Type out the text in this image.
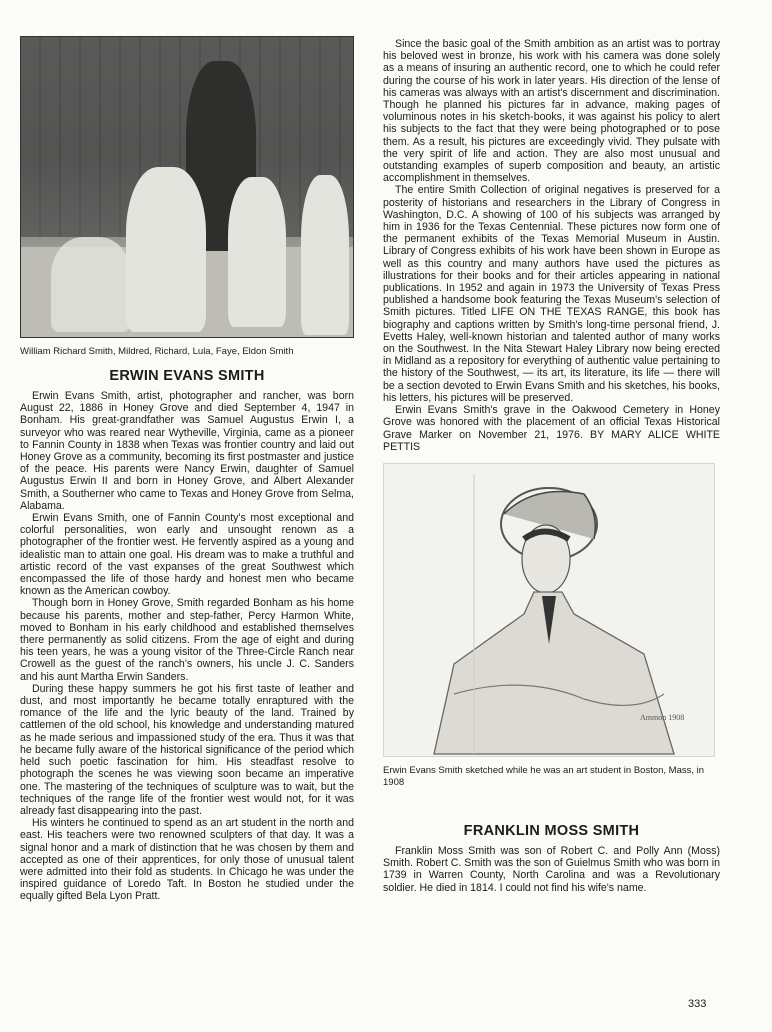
William Richard Smith, Mildred, Richard, Lula, Faye, Eldon Smith
ERWIN EVANS SMITH

Erwin Evans Smith, artist, photographer and rancher, was born August 22, 1886 in Honey Grove and died September 4, 1947 in Bonham. His great-grandfather was Samuel Augustus Erwin I, a surveyor who was reared near Wytheville, Virginia, came as a pioneer to Fannin County in 1838 when Texas was frontier country and laid out Honey Grove as a community, becoming its first postmaster and justice of the peace. His parents were Nancy Erwin, daughter of Samuel Augustus Erwin II and born in Honey Grove, and Albert Alexander Smith, a Southerner who came to Texas and Honey Grove from Selma, Alabama.

Erwin Evans Smith, one of Fannin County's most exceptional and colorful personalities, won early and unsought renown as a photographer of the frontier west. He fervently aspired as a young and idealistic man to attain one goal. His dream was to make a truthful and artistic record of the vast expanses of the great Southwest which encompassed the life of those hardy and honest men who became known as the American cowboy.

Though born in Honey Grove, Smith regarded Bonham as his home because his parents, mother and step-father, Percy Harmon White, moved to Bonham in his early childhood and established themselves there permanently as solid citizens. From the age of eight and during his teen years, he was a young visitor of the Three-Circle Ranch near Crowell as the guest of the ranch's owners, his uncle J. C. Sanders and his aunt Martha Erwin Sanders.

During these happy summers he got his first taste of leather and dust, and most importantly he became totally enraptured with the romance of the life and the lyric beauty of the land. Trained by cattlemen of the old school, his knowledge and understanding matured as he made serious and impassioned study of the era. Thus it was that he became fully aware of the historical significance of the period which held such poetic fascination for him. His steadfast resolve to photograph the scenes he was viewing soon became an imperative one. The mastering of the techniques of sculpture was to wait, but the techniques of the range life of the frontier west would not, for it was already fast disappearing into the past.

His winters he continued to spend as an art student in the north and east. His teachers were two renowned sculpters of that day. It was a signal honor and a mark of distinction that he was chosen by them and accepted as one of their apprentices, for only those of unusual talent were admitted into their fold as students. In Chicago he was under the inspired guidance of Loredo Taft. In Boston he studied under the equally gifted Bela Lyon Pratt.

Since the basic goal of the Smith ambition as an artist was to portray his beloved west in bronze, his work with his camera was done solely as a means of insuring an authentic record, one to which he could refer during the course of his work in later years. His direction of the lense of his cameras was always with an artist's discernment and discrimination. Though he planned his pictures far in advance, making pages of voluminous notes in his sketch-books, it was against his policy to alert his subjects to the fact that they were being photographed or to pose them. As a result, his pictures are exceedingly vivid. They pulsate with the very spirit of life and action. They are also most unusual and outstanding examples of superb composition and beauty, an artistic accomplishment in themselves.

The entire Smith Collection of original negatives is preserved for a posterity of historians and researchers in the Library of Congress in Washington, D.C. A showing of 100 of his subjects was arranged by him in 1936 for the Texas Centennial. These pictures now form one of the permanent exhibits of the Texas Memorial Museum in Austin. Library of Congress exhibits of his work have been shown in Europe as well as this country and many authors have used the pictures as illustrations for their books and for their articles appearing in national publications. In 1952 and again in 1973 the University of Texas Press published a handsome book featuring the Texas Museum's selection of Smith pictures. Titled LIFE ON THE TEXAS RANGE, this book has biography and captions written by Smith's long-time personal friend, J. Evetts Haley, well-known historian and talented author of many works on the Southwest. In the Nita Stewart Haley Library now being erected in Midland as a repository for everything of authentic value pertaining to the history of the Southwest, — its art, its literature, its life — there will be a section devoted to Erwin Evans Smith and his sketches, his books, his letters, his pictures will be preserved.

Erwin Evans Smith's grave in the Oakwood Cemetery in Honey Grove was honored with the placement of an official Texas Historical Grave Marker on November 21, 1976. BY MARY ALICE WHITE PETTIS

Ammon 1908
Erwin Evans Smith sketched while he was an art student in Boston, Mass, in 1908
FRANKLIN MOSS SMITH

Franklin Moss Smith was son of Robert C. and Polly Ann (Moss) Smith. Robert C. Smith was the son of Guielmus Smith who was born in 1739 in Warren County, North Carolina and was a Revolutionary soldier. He died in 1814. I could not find his wife's name.

333
